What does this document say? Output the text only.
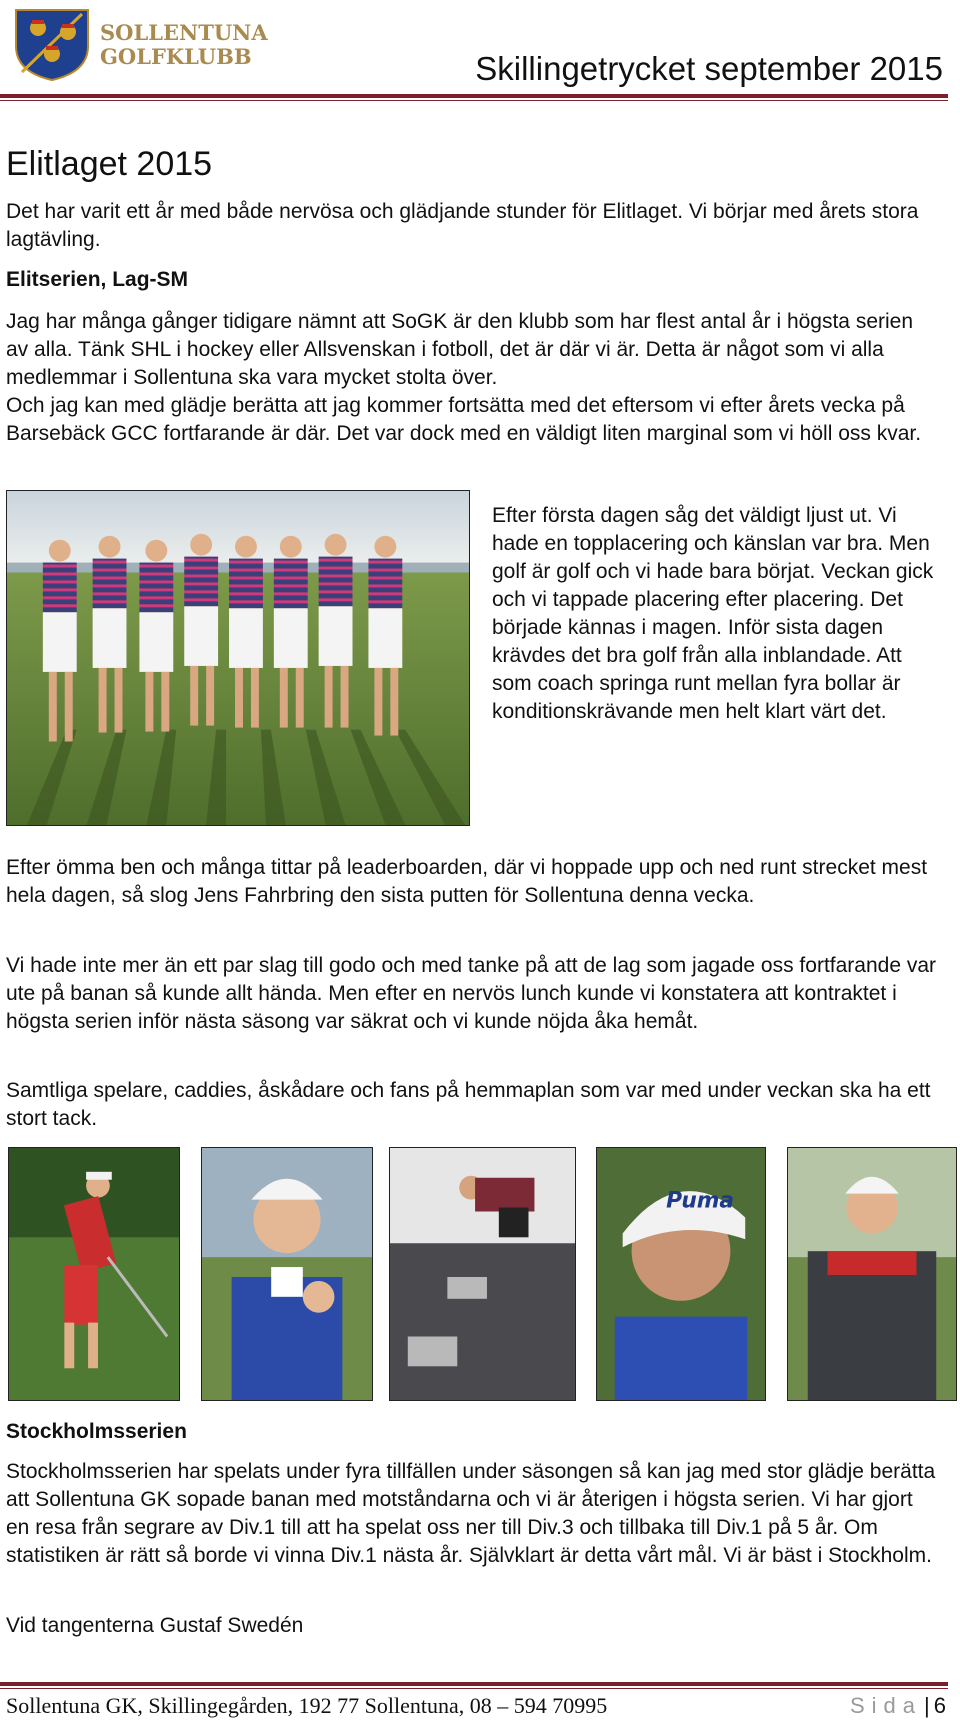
SOLLENTUNA
GOLFKLUBB	Skillingetrycket september 2015
Elitlaget 2015

Det har varit ett år med både nervösa och glädjande stunder för Elitlaget. Vi börjar med årets stora lagtävling.

Elitserien, Lag-SM

Jag har många gånger tidigare nämnt att SoGK är den klubb som har flest antal år i högsta serien av alla. Tänk SHL i hockey eller Allsvenskan i fotboll, det är där vi är. Detta är något som vi alla medlemmar i Sollentuna ska vara mycket stolta över.

Och jag kan med glädje berätta att jag kommer fortsätta med det eftersom vi efter årets vecka på Barsebäck GCC fortfarande är där. Det var dock med en väldigt liten marginal som vi höll oss kvar.

Efter första dagen såg det väldigt ljust ut. Vi hade en topplacering och känslan var bra. Men golf är golf och vi hade bara börjat. Veckan gick och vi tappade placering efter placering. Det började kännas i magen. Inför sista dagen krävdes det bra golf från alla inblandade. Att som coach springa runt mellan fyra bollar är konditionskrävande men helt klart värt det.

Efter ömma ben och många tittar på leaderboarden, där vi hoppade upp och ned runt strecket mest hela dagen, så slog Jens Fahrbring den sista putten för Sollentuna denna vecka.

Vi hade inte mer än ett par slag till godo och med tanke på att de lag som jagade oss fortfarande var ute på banan så kunde allt hända. Men efter en nervös lunch kunde vi konstatera att kontraktet i högsta serien inför nästa säsong var säkrat och vi kunde nöjda åka hemåt.

Samtliga spelare, caddies, åskådare och fans på hemmaplan som var med under veckan ska ha ett stort tack.

Puma

Stockholmsserien

Stockholmsserien har spelats under fyra tillfällen under säsongen så kan jag med stor glädje berätta att Sollentuna GK sopade banan med motståndarna och vi är återigen i högsta serien. Vi har gjort en resa från segrare av Div.1 till att ha spelat oss ner till Div.3 och tillbaka till Div.1 på 5 år. Om statistiken är rätt så borde vi vinna Div.1 nästa år. Självklart är detta vårt mål. Vi är bäst i Stockholm.

Vid tangenterna Gustaf Swedén

Sollentuna GK, Skillingegården, 192 77 Sollentuna, 08 – 594 70995	Sida| 6
